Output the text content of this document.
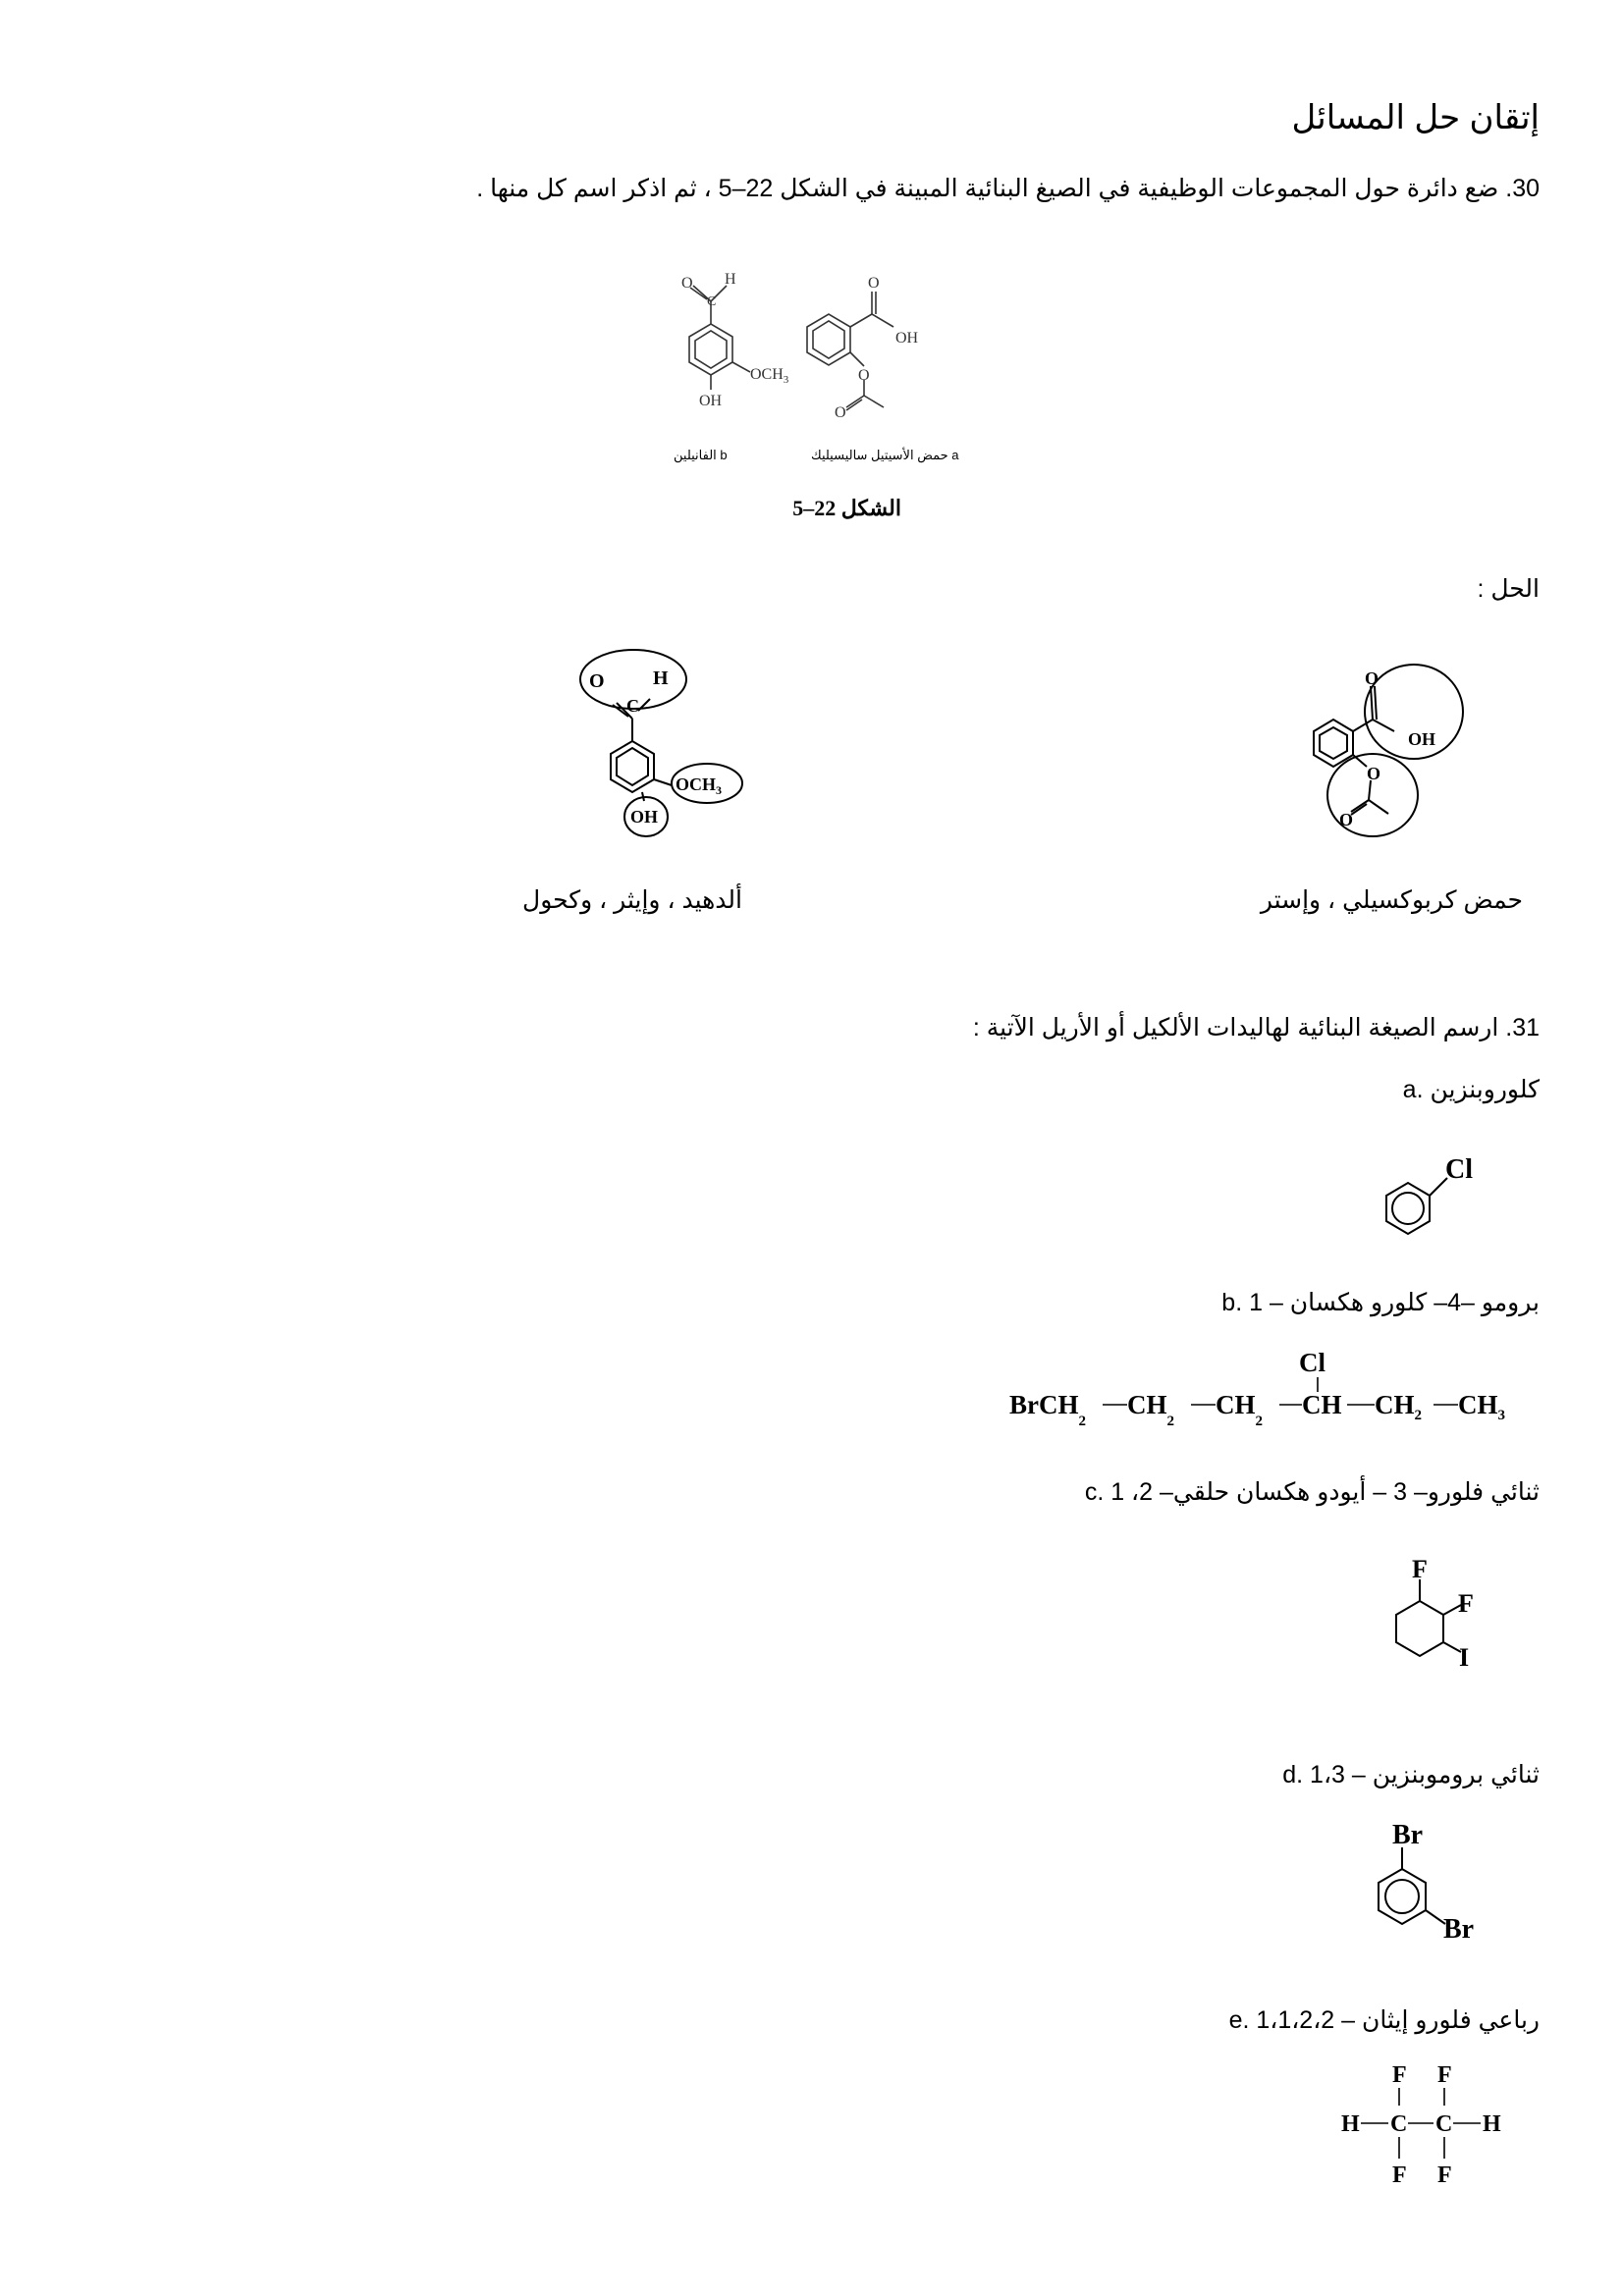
إتقان حل المسائل
30. ضع دائرة حول المجموعات الوظيفية في الصيغ البنائية المبينة في الشكل 22–5 ، ثم اذكر اسم كل منها .
O
C
H
$OCH_3$
OH
O
OH
O
O
a حمض الأسيتيل ساليسيليك
b الفانيلين
الشكل 22–5
الحل :
O
C
H
$OCH_3$
OH
O
OH
O
O
حمض كربوكسيلي ، وإستر
ألدهيد ، وإيثر ، وكحول
31. ارسم الصيغة البنائية لهاليدات الألكيل أو الأريل الآتية :
a. كلوروبنزين
Cl
b. 1 – برومو –4– كلورو هكسان
BrCH$_2$
$CH_2$
$CH_2$
CH $CH_2$ $CH_3$
Cl
c. 1 ،2 –ثنائي فلورو– 3 – أيودو هكسان حلقي
F
F
I
d. 1،3 – ثنائي بروموبنزين
Br
Br
e. 1،1،2،2 – رباعي فلورو إيثان
H C C H
F F
F F
